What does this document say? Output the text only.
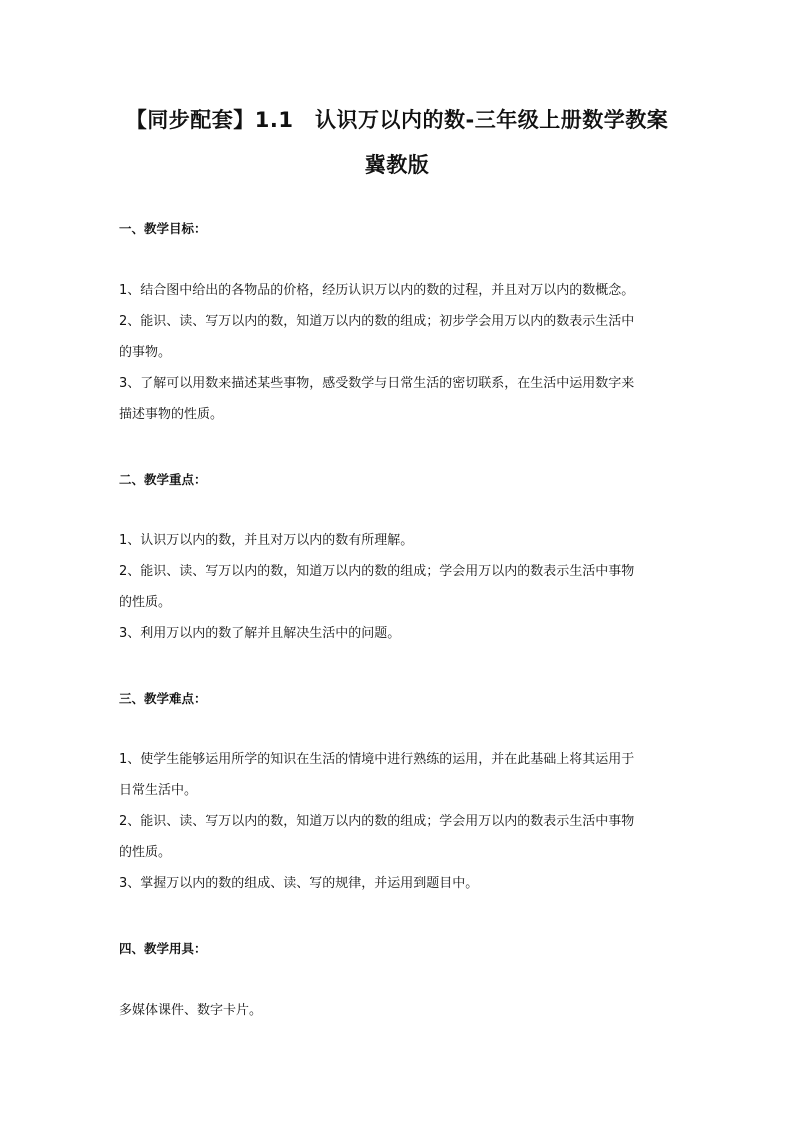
【同步配套】1.1　认识万以内的数-三年级上册数学教案
冀教版
一、教学目标：
1、结合图中给出的各物品的价格，经历认识万以内的数的过程，并且对万以内的数概念。
2、能识、读、写万以内的数，知道万以内的数的组成；初步学会用万以内的数表示生活中
的事物。
3、了解可以用数来描述某些事物，感受数学与日常生活的密切联系，在生活中运用数字来
描述事物的性质。
二、教学重点：
1、认识万以内的数，并且对万以内的数有所理解。
2、能识、读、写万以内的数，知道万以内的数的组成；学会用万以内的数表示生活中事物
的性质。
3、利用万以内的数了解并且解决生活中的问题。
三、教学难点：
1、使学生能够运用所学的知识在生活的情境中进行熟练的运用，并在此基础上将其运用于
日常生活中。
2、能识、读、写万以内的数，知道万以内的数的组成；学会用万以内的数表示生活中事物
的性质。
3、掌握万以内的数的组成、读、写的规律，并运用到题目中。
四、教学用具：
多媒体课件、数字卡片。
